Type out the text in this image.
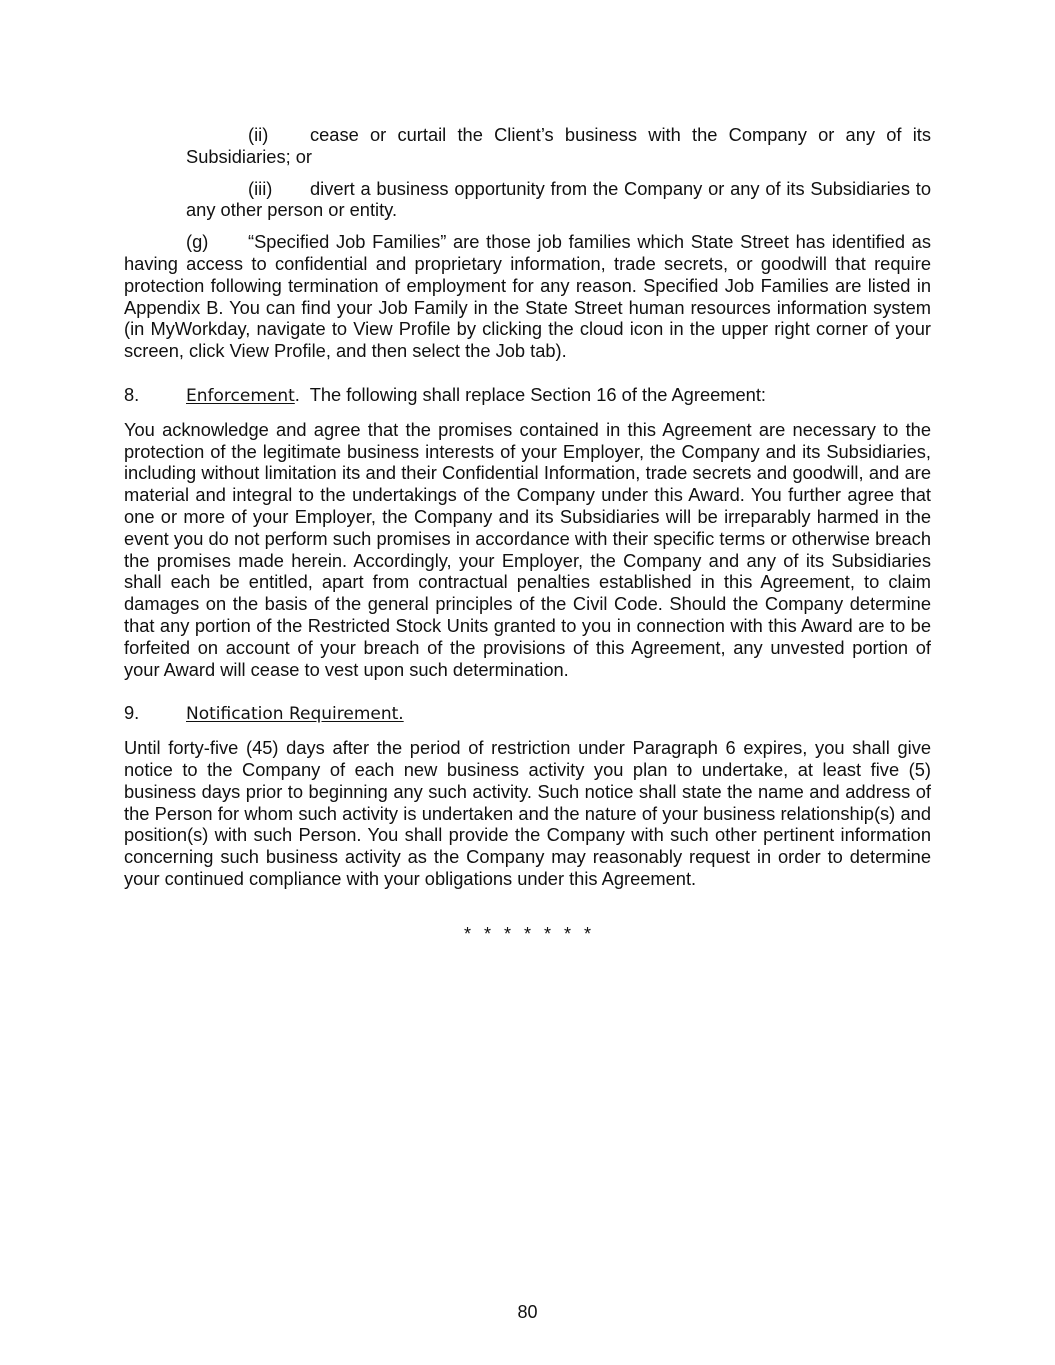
(ii) cease or curtail the Client’s business with the Company or any of its Subsidiaries; or

(iii) divert a business opportunity from the Company or any of its Subsidiaries to any other person or entity.

(g) “Specified Job Families” are those job families which State Street has identified as having access to confidential and proprietary information, trade secrets, or goodwill that require protection following termination of employment for any reason. Specified Job Families are listed in Appendix B. You can find your Job Family in the State Street human resources information system (in MyWorkday, navigate to View Profile by clicking the cloud icon in the upper right corner of your screen, click View Profile, and then select the Job tab).

8.	Enforcement.  The following shall replace Section 16 of the Agreement:

You acknowledge and agree that the promises contained in this Agreement are necessary to the protection of the legitimate business interests of your Employer, the Company and its Subsidiaries, including without limitation its and their Confidential Information, trade secrets and goodwill, and are material and integral to the undertakings of the Company under this Award. You further agree that one or more of your Employer, the Company and its Subsidiaries will be irreparably harmed in the event you do not perform such promises in accordance with their specific terms or otherwise breach the promises made herein. Accordingly, your Employer, the Company and any of its Subsidiaries shall each be entitled, apart from contractual penalties established in this Agreement, to claim damages on the basis of the general principles of the Civil Code. Should the Company determine that any portion of the Restricted Stock Units granted to you in connection with this Award are to be forfeited on account of your breach of the provisions of this Agreement, any unvested portion of your Award will cease to vest upon such determination.

9.	Notification Requirement.

Until forty-five (45) days after the period of restriction under Paragraph 6 expires, you shall give notice to the Company of each new business activity you plan to undertake, at least five (5) business days prior to beginning any such activity. Such notice shall state the name and address of the Person for whom such activity is undertaken and the nature of your business relationship(s) and position(s) with such Person. You shall provide the Company with such other pertinent information concerning such business activity as the Company may reasonably request in order to determine your continued compliance with your obligations under this Agreement.

* * * * * * *
80
